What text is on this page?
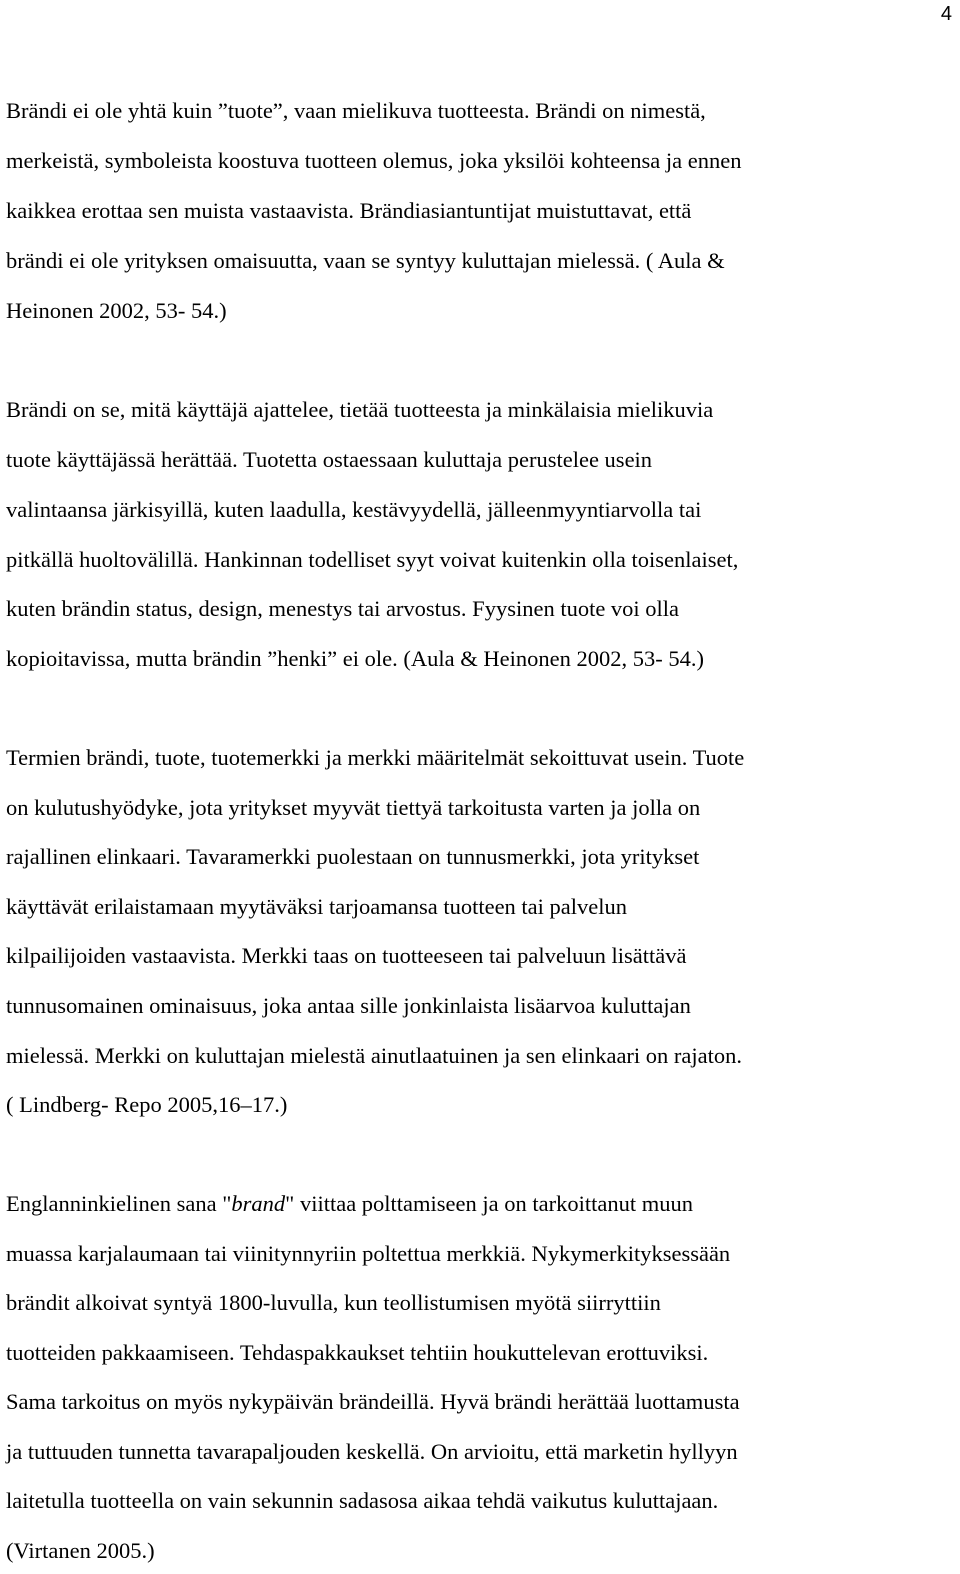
4
Brändi ei ole yhtä kuin ”tuote”, vaan mielikuva tuotteesta. Brändi on nimestä,
merkeistä, symboleista koostuva tuotteen olemus, joka yksilöi kohteensa ja ennen
kaikkea erottaa sen muista vastaavista. Brändiasiantuntijat muistuttavat, että
brändi ei ole yrityksen omaisuutta, vaan se syntyy kuluttajan mielessä. ( Aula &
Heinonen 2002, 53- 54.)
Brändi on se, mitä käyttäjä ajattelee, tietää tuotteesta ja minkälaisia mielikuvia
tuote käyttäjässä herättää. Tuotetta ostaessaan kuluttaja perustelee usein
valintaansa järkisyillä, kuten laadulla, kestävyydellä, jälleenmyyntiarvolla tai
pitkällä huoltovälillä. Hankinnan todelliset syyt voivat kuitenkin olla toisenlaiset,
kuten brändin status, design, menestys tai arvostus. Fyysinen tuote voi olla
kopioitavissa, mutta brändin ”henki” ei ole. (Aula & Heinonen 2002, 53- 54.)
Termien brändi, tuote, tuotemerkki ja merkki määritelmät sekoittuvat usein. Tuote
on kulutushyödyke, jota yritykset myyvät tiettyä tarkoitusta varten ja jolla on
rajallinen elinkaari. Tavaramerkki puolestaan on tunnusmerkki, jota yritykset
käyttävät erilaistamaan myytäväksi tarjoamansa tuotteen tai palvelun
kilpailijoiden vastaavista. Merkki taas on tuotteeseen tai palveluun lisättävä
tunnusomainen ominaisuus, joka antaa sille jonkinlaista lisäarvoa kuluttajan
mielessä. Merkki on kuluttajan mielestä ainutlaatuinen ja sen elinkaari on rajaton.
( Lindberg- Repo 2005,16–17.)
Englanninkielinen sana "brand" viittaa polttamiseen ja on tarkoittanut muun
muassa karjalaumaan tai viinitynnyriin poltettua merkkiä. Nykymerkityksessään
brändit alkoivat syntyä 1800-luvulla, kun teollistumisen myötä siirryttiin
tuotteiden pakkaamiseen. Tehdaspakkaukset tehtiin houkuttelevan erottuviksi.
Sama tarkoitus on myös nykypäivän brändeillä. Hyvä brändi herättää luottamusta
ja tuttuuden tunnetta tavarapaljouden keskellä. On arvioitu, että marketin hyllyyn
laitetulla tuotteella on vain sekunnin sadasosa aikaa tehdä vaikutus kuluttajaan.
(Virtanen 2005.)
